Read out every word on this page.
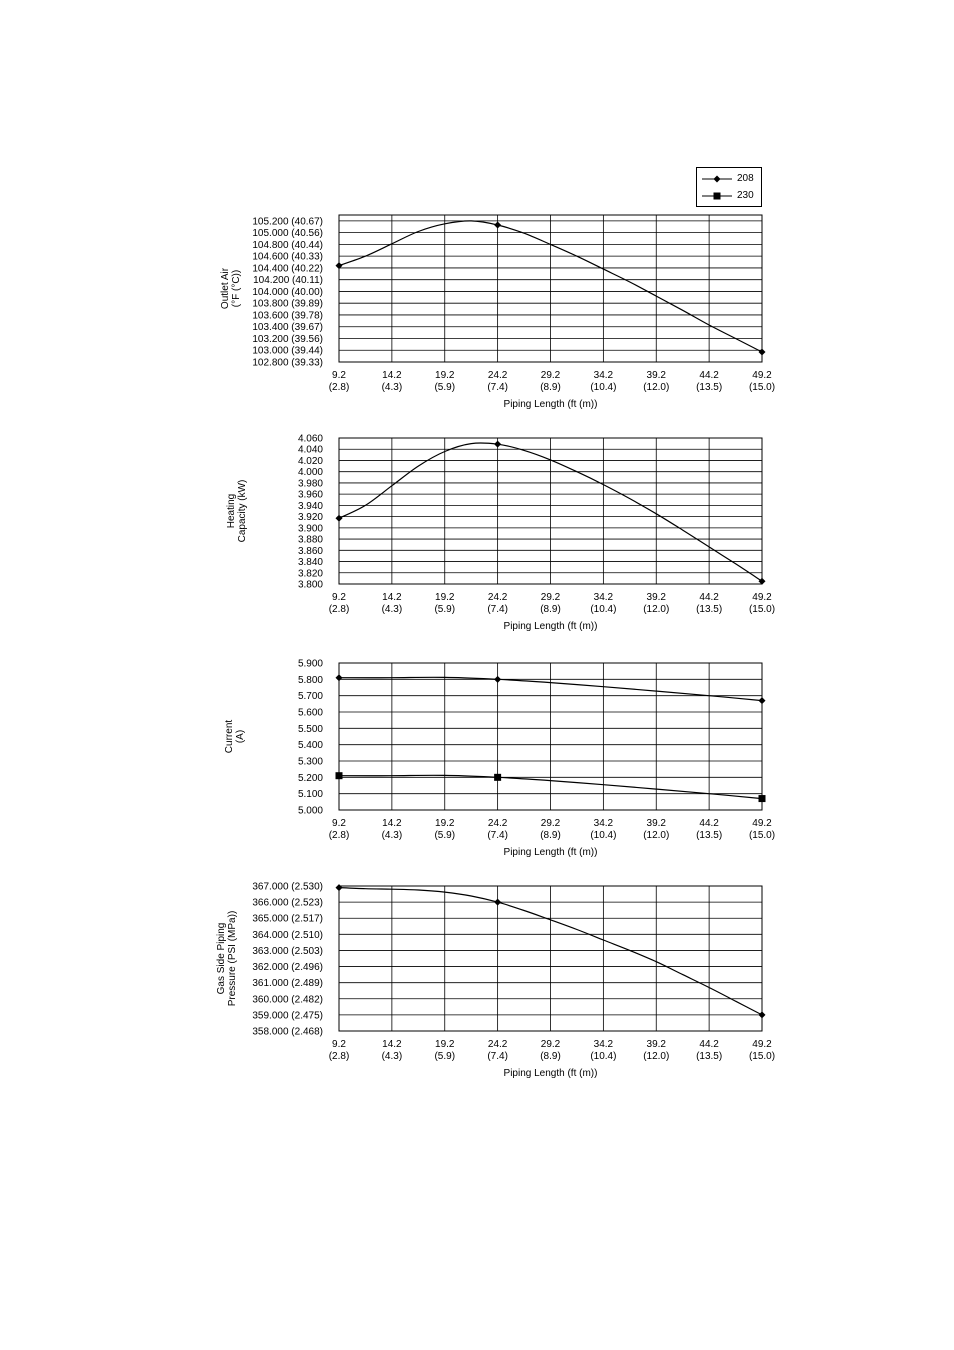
9.2
(2.8)
14.2
(4.3)
19.2
(5.9)
24.2
(7.4)
29.2
(8.9)
34.2
(10.4)
39.2
(12.0)
44.2
(13.5)
49.2
(15.0)
105.200 (40.67)
105.000 (40.56)
104.800 (40.44)
104.600 (40.33)
104.400 (40.22)
104.200 (40.11)
104.000 (40.00)
103.800 (39.89)
103.600 (39.78)
103.400 (39.67)
103.200 (39.56)
103.000 (39.44)
102.800 (39.33)
Piping Length (ft (m))
Outlet Air (°F (°C))
9.2
(2.8)
14.2
(4.3)
19.2
(5.9)
24.2
(7.4)
29.2
(8.9)
34.2
(10.4)
39.2
(12.0)
44.2
(13.5)
49.2
(15.0)
4.060
4.040
4.020
4.000
3.980
3.960
3.940
3.920
3.900
3.880
3.860
3.840
3.820
3.800
Piping Length (ft (m))
Heating Capacity (kW)
9.2
(2.8)
14.2
(4.3)
19.2
(5.9)
24.2
(7.4)
29.2
(8.9)
34.2
(10.4)
39.2
(12.0)
44.2
(13.5)
49.2
(15.0)
5.900
5.800
5.700
5.600
5.500
5.400
5.300
5.200
5.100
5.000
Piping Length (ft (m))
Current (A)
9.2
(2.8)
14.2
(4.3)
19.2
(5.9)
24.2
(7.4)
29.2
(8.9)
34.2
(10.4)
39.2
(12.0)
44.2
(13.5)
49.2
(15.0)
367.000 (2.530)
366.000 (2.523)
365.000 (2.517)
364.000 (2.510)
363.000 (2.503)
362.000 (2.496)
361.000 (2.489)
360.000 (2.482)
359.000 (2.475)
358.000 (2.468)
Piping Length (ft (m))
Gas Side Piping Pressure (PSI (MPa))
208
230
